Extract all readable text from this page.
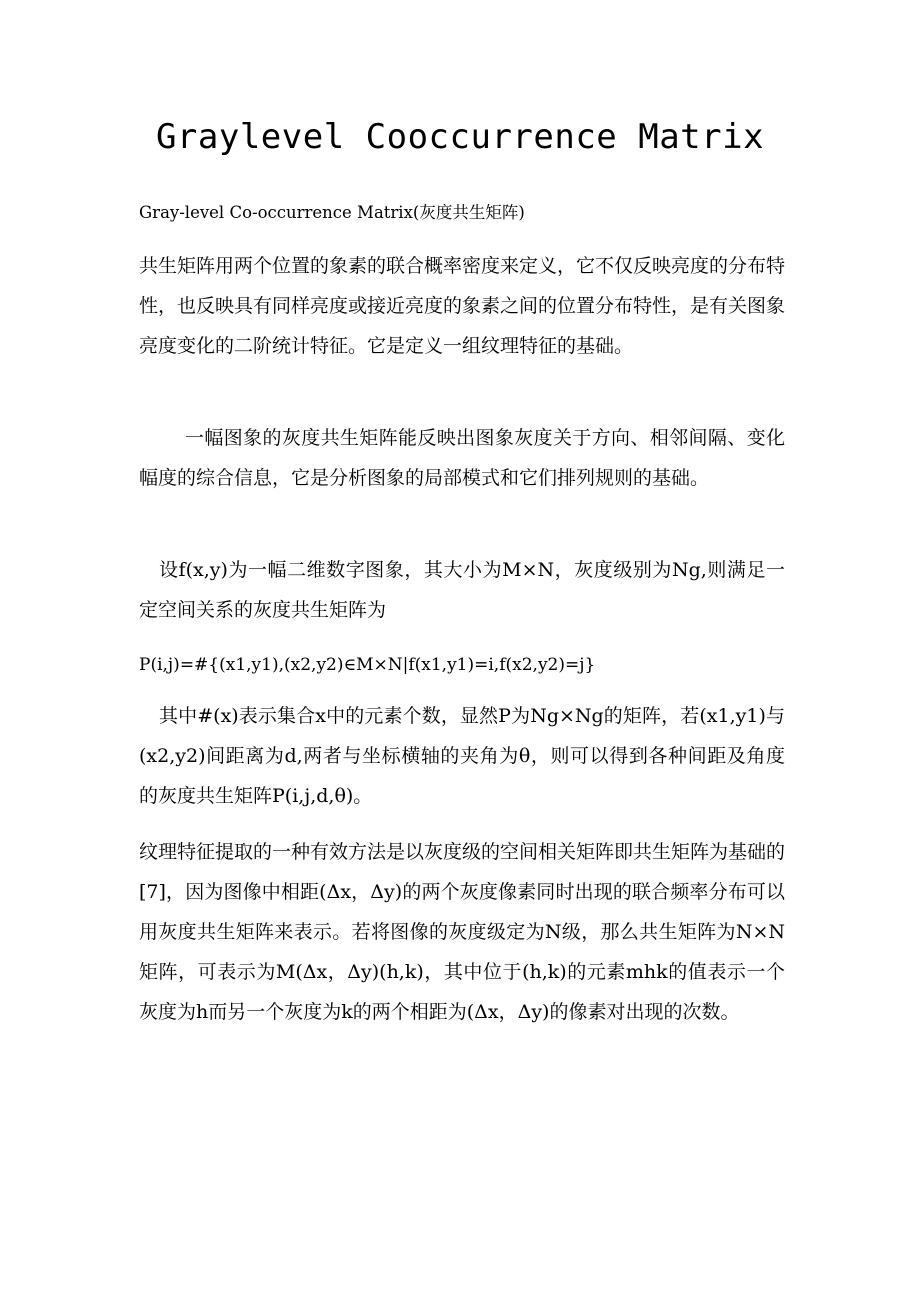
Graylevel Cooccurrence Matrix
Gray-level Co-occurrence Matrix(灰度共生矩阵)

共生矩阵用两个位置的象素的联合概率密度来定义，它不仅反映亮度的分布特性，也反映具有同样亮度或接近亮度的象素之间的位置分布特性，是有关图象亮度变化的二阶统计特征。它是定义一组纹理特征的基础。

一幅图象的灰度共生矩阵能反映出图象灰度关于方向、相邻间隔、变化幅度的综合信息，它是分析图象的局部模式和它们排列规则的基础。

设f(x,y)为一幅二维数字图象，其大小为M×N，灰度级别为Ng,则满足一定空间关系的灰度共生矩阵为

P(i,j)=#{(x1,y1),(x2,y2)∈M×N|f(x1,y1)=i,f(x2,y2)=j}

其中#(x)表示集合x中的元素个数，显然P为Ng×Ng的矩阵，若(x1,y1)与(x2,y2)间距离为d,两者与坐标横轴的夹角为θ，则可以得到各种间距及角度的灰度共生矩阵P(i,j,d,θ)。

纹理特征提取的一种有效方法是以灰度级的空间相关矩阵即共生矩阵为基础的[7]，因为图像中相距(Δx，Δy)的两个灰度像素同时出现的联合频率分布可以用灰度共生矩阵来表示。若将图像的灰度级定为N级，那么共生矩阵为N×N矩阵，可表示为M(Δx，Δy)(h,k)，其中位于(h,k)的元素mhk的值表示一个灰度为h而另一个灰度为k的两个相距为(Δx，Δy)的像素对出现的次数。
